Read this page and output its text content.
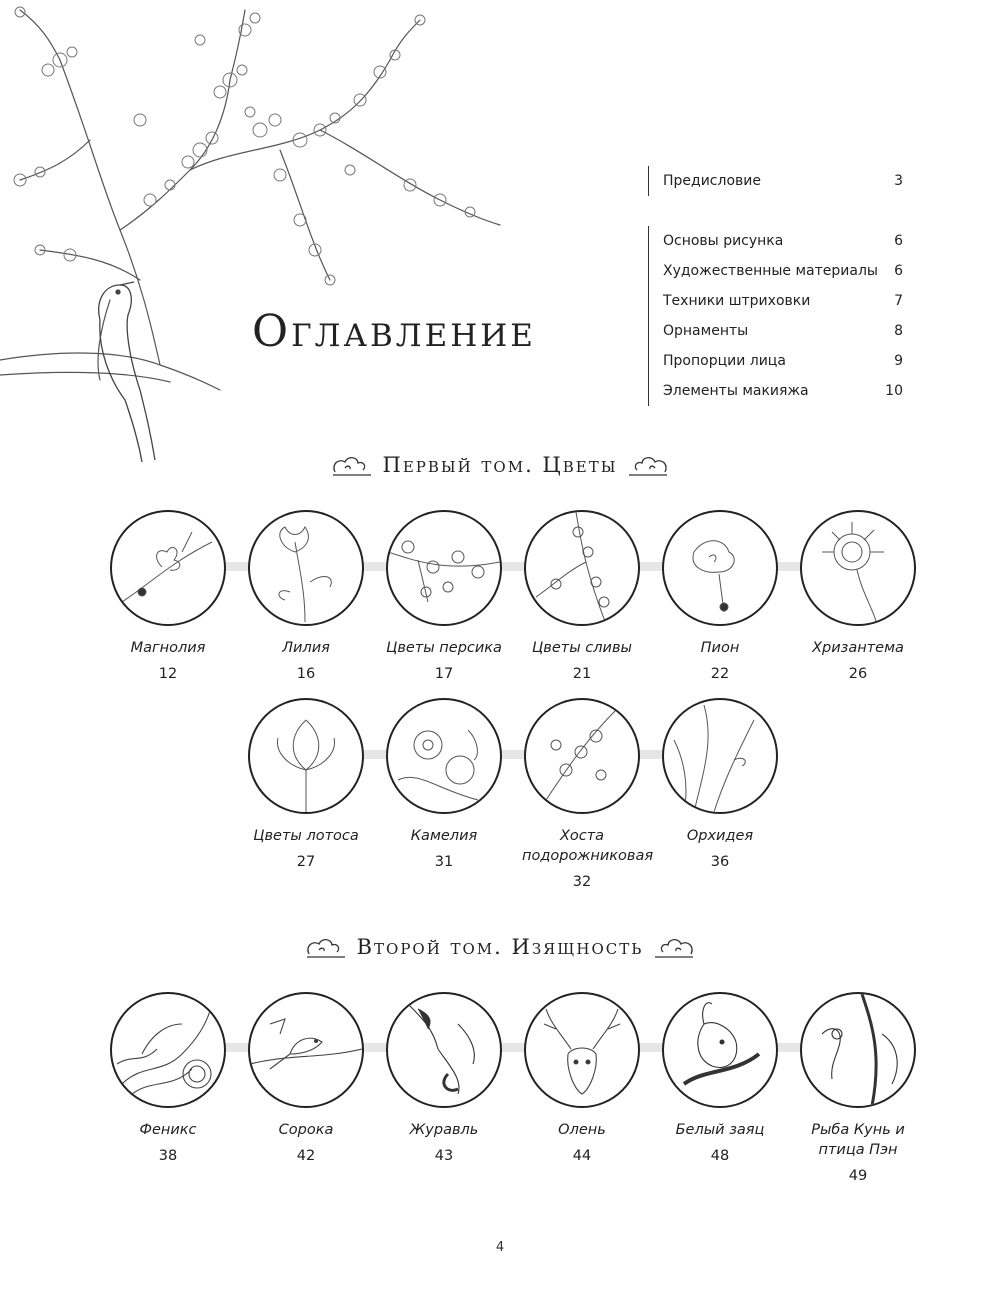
Оглавление
Предисловие	3
Основы рисунка	6
Художественные материалы 6
Техники штриховки	7
Орнаменты	8
Пропорции лица	9
Элементы макияжа	10
Первый том. Цветы
Магнолия
12
Лилия
16
Цветы персика
17
Цветы сливы
21
Пион
22
Хризантема
26
Цветы лотоса
27
Камелия
31
Хоста подорожниковая
32
Орхидея
36
Второй том. Изящность
Феникс
38
Сорока
42
Журавль
43
Олень
44
Белый заяц
48
Рыба Кунь и птица Пэн
49
4
